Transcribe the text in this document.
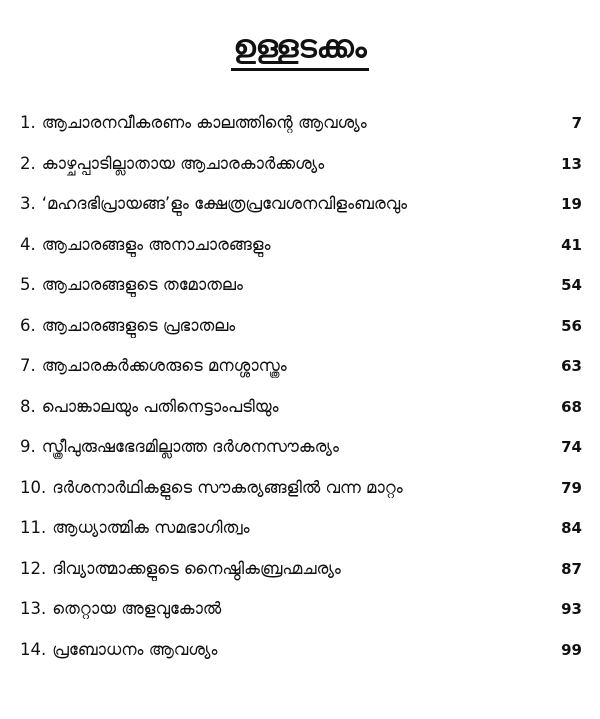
ഉള്ളടക്കം
1. ആചാരനവീകരണം കാലത്തിന്റെ ആവശ്യം	7
2. കാഴ്ചപ്പാടില്ലാതായ ആചാരകാർക്കശ്യം	13
3. ‘മഹദഭിപ്രായങ്ങ’ളും ക്ഷേത്രപ്രവേശനവിളംബരവും	19
4. ആചാരങ്ങളും അനാചാരങ്ങളും	41
5. ആചാരങ്ങളുടെ തമോതലം	54
6. ആചാരങ്ങളുടെ പ്രഭാതലം	56
7. ആചാരകർക്കശരുടെ മനശ്ശാസ്ത്രം	63
8. പൊങ്കാലയും പതിനെട്ടാംപടിയും	68
9. സ്ത്രീപുരുഷഭേദമില്ലാത്ത ദർശനസൗകര്യം	74
10. ദർശനാർഥികളുടെ സൗകര്യങ്ങളിൽ വന്ന മാറ്റം	79
11. ആധ്യാത്മിക സമഭാഗിത്വം	84
12. ദിവ്യാത്മാക്കളുടെ നൈഷ്ഠികബ്രഹ്മചര്യം	87
13. തെറ്റായ അളവുകോൽ	93
14. പ്രബോധനം ആവശ്യം	99
